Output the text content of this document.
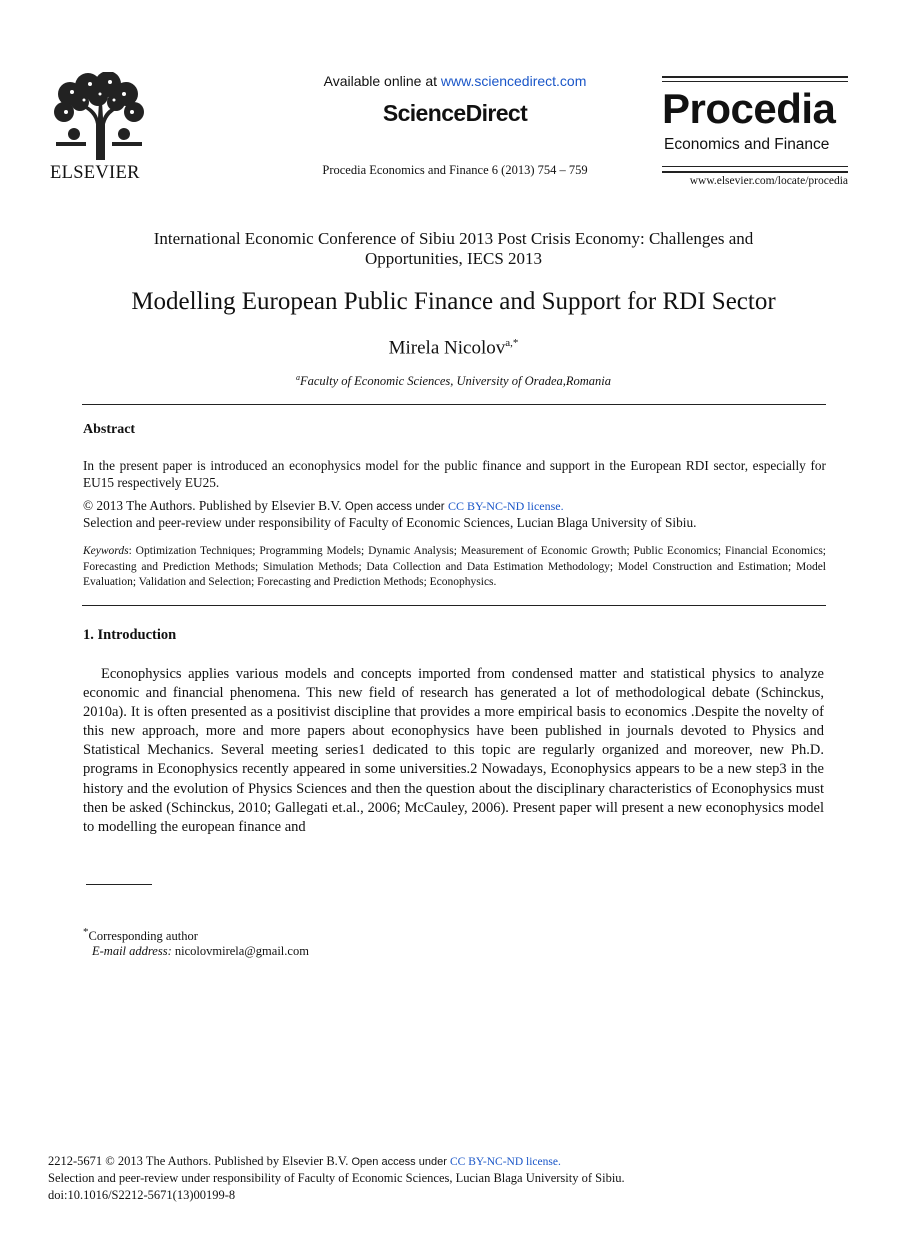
ELSEVIER
Available online at www.sciencedirect.com
ScienceDirect
Procedia Economics and Finance 6 (2013) 754 – 759
Procedia
Economics and Finance
www.elsevier.com/locate/procedia
International Economic Conference of Sibiu 2013 Post Crisis Economy: Challenges and Opportunities, IECS 2013
Modelling European Public Finance and Support for RDI Sector
Mirela Nicolov$^{a,*}$
$^a$Faculty of Economic Sciences, University of Oradea,Romania
Abstract
In the present paper is introduced an econophysics model for the public finance and support in the European RDI sector, especially for EU15 respectively EU25.
© 2013 The Authors. Published by Elsevier B.V. Open access under CC BY-NC-ND license.
Selection and peer-review under responsibility of Faculty of Economic Sciences, Lucian Blaga University of Sibiu.
Keywords: Optimization Techniques; Programming Models; Dynamic Analysis; Measurement of Economic Growth; Public Economics; Financial Economics; Forecasting and Prediction Methods; Simulation Methods; Data Collection and Data Estimation Methodology; Model Construction and Estimation; Model Evaluation; Validation and Selection; Forecasting and Prediction Methods; Econophysics.
1. Introduction
Econophysics applies various models and concepts imported from condensed matter and statistical physics to analyze economic and financial phenomena. This new field of research has generated a lot of methodological debate (Schinckus, 2010a). It is often presented as a positivist discipline that provides a more empirical basis to economics .Despite the novelty of this new approach, more and more papers about econophysics have been published in journals devoted to Physics and Statistical Mechanics. Several meeting series1 dedicated to this topic are regularly organized and moreover, new Ph.D. programs in Econophysics recently appeared in some universities.2 Nowadays, Econophysics appears to be a new step3 in the history and the evolution of Physics Sciences and then the question about the disciplinary characteristics of Econophysics must then be asked (Schinckus, 2010; Gallegati et.al., 2006; McCauley, 2006). Present paper will present a new econophysics model to modelling the european finance and
*Corresponding author
E-mail address: nicolovmirela@gmail.com
2212-5671 © 2013 The Authors. Published by Elsevier B.V. Open access under CC BY-NC-ND license.
Selection and peer-review under responsibility of Faculty of Economic Sciences, Lucian Blaga University of Sibiu.
doi:10.1016/S2212-5671(13)00199-8
